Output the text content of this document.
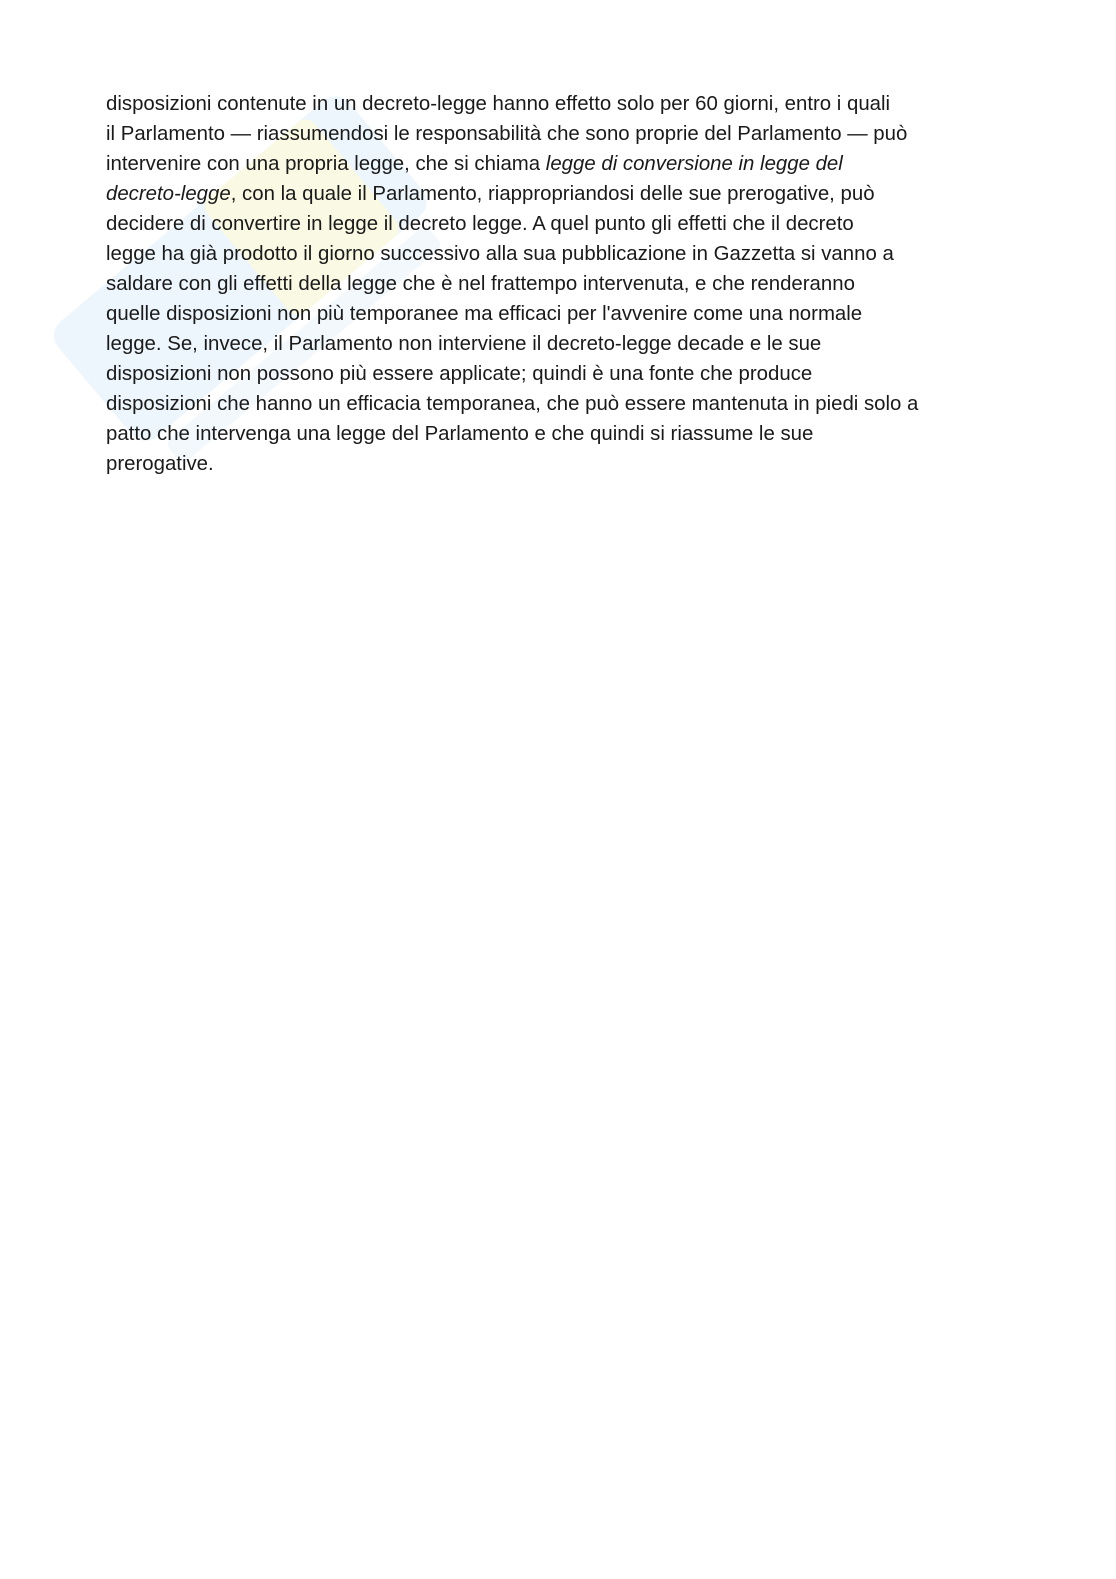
disposizioni contenute in un decreto-legge hanno effetto solo per 60 giorni, entro i quali
il Parlamento — riassumendosi le responsabilità che sono proprie del Parlamento — può
intervenire con una propria legge, che si chiama legge di conversione in legge del
decreto-legge, con la quale il Parlamento, riappropriandosi delle sue prerogative, può
decidere di convertire in legge il decreto legge. A quel punto gli effetti che il decreto
legge ha già prodotto il giorno successivo alla sua pubblicazione in Gazzetta si vanno a
saldare con gli effetti della legge che è nel frattempo intervenuta, e che renderanno
quelle disposizioni non più temporanee ma efficaci per l'avvenire come una normale
legge. Se, invece, il Parlamento non interviene il decreto-legge decade e le sue
disposizioni non possono più essere applicate; quindi è una fonte che produce
disposizioni che hanno un efficacia temporanea, che può essere mantenuta in piedi solo a
patto che intervenga una legge del Parlamento e che quindi si riassume le sue
prerogative.
